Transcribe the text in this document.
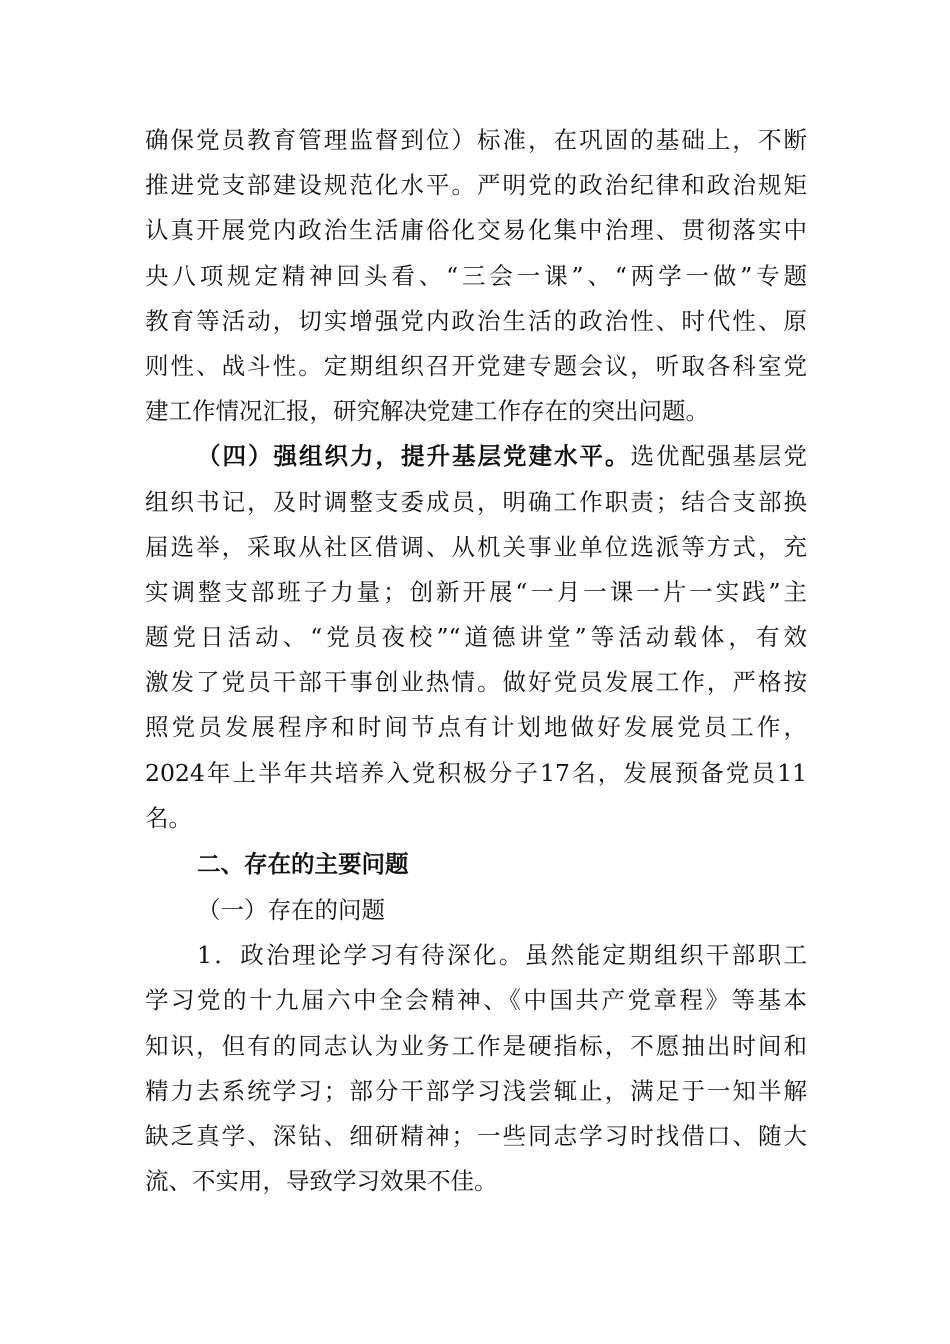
确保党员教育管理监督到位）标准，在巩固的基础上，不断
推进党支部建设规范化水平。严明党的政治纪律和政治规矩
认真开展党内政治生活庸俗化交易化集中治理、贯彻落实中
央八项规定精神回头看、“三会一课”、“两学一做”专题
教育等活动，切实增强党内政治生活的政治性、时代性、原
则性、战斗性。定期组织召开党建专题会议，听取各科室党
建工作情况汇报，研究解决党建工作存在的突出问题。
（四）强组织力，提升基层党建水平。选优配强基层党
组织书记，及时调整支委成员，明确工作职责；结合支部换
届选举，采取从社区借调、从机关事业单位选派等方式，充
实调整支部班子力量；创新开展“一月一课一片一实践”主
题党日活动、“党员夜校”“道德讲堂”等活动载体，有效
激发了党员干部干事创业热情。做好党员发展工作，严格按
照党员发展程序和时间节点有计划地做好发展党员工作，
2024年上半年共培养入党积极分子17名，发展预备党员11
名。
二、存在的主要问题
（一）存在的问题
1．政治理论学习有待深化。虽然能定期组织干部职工
学习党的十九届六中全会精神、《中国共产党章程》等基本
知识，但有的同志认为业务工作是硬指标，不愿抽出时间和
精力去系统学习；部分干部学习浅尝辄止，满足于一知半解
缺乏真学、深钻、细研精神；一些同志学习时找借口、随大
流、不实用，导致学习效果不佳。
